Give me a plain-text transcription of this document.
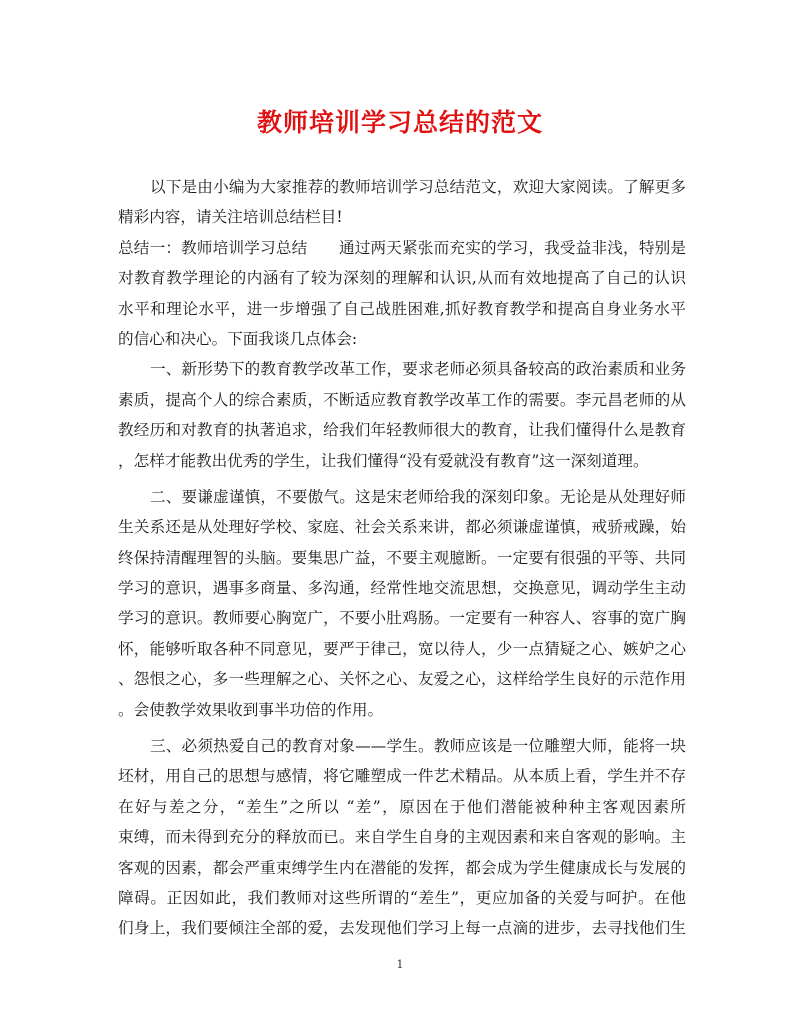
教师培训学习总结的范文
以下是由小编为大家推荐的教师培训学习总结范文，欢迎大家阅读。了解更多
精彩内容，请关注培训总结栏目!
总结一：教师培训学习总结　　通过两天紧张而充实的学习，我受益非浅，特别是
对教育教学理论的内涵有了较为深刻的理解和认识,从而有效地提高了自己的认识
水平和理论水平，进一步增强了自己战胜困难,抓好教育教学和提高自身业务水平
的信心和决心。下面我谈几点体会:
一、新形势下的教育教学改革工作，要求老师必须具备较高的政治素质和业务
素质，提高个人的综合素质，不断适应教育教学改革工作的需要。李元昌老师的从
教经历和对教育的执著追求，给我们年轻教师很大的教育，让我们懂得什么是教育
，怎样才能教出优秀的学生，让我们懂得“没有爱就没有教育”这一深刻道理。
二、要谦虚谨慎，不要傲气。这是宋老师给我的深刻印象。无论是从处理好师
生关系还是从处理好学校、家庭、社会关系来讲，都必须谦虚谨慎，戒骄戒躁，始
终保持清醒理智的头脑。要集思广益，不要主观臆断。一定要有很强的平等、共同
学习的意识，遇事多商量、多沟通，经常性地交流思想，交换意见，调动学生主动
学习的意识。教师要心胸宽广，不要小肚鸡肠。一定要有一种容人、容事的宽广胸
怀，能够听取各种不同意见，要严于律己，宽以待人，少一点猜疑之心、嫉妒之心
、怨恨之心，多一些理解之心、关怀之心、友爱之心，这样给学生良好的示范作用
。会使教学效果收到事半功倍的作用。
三、必须热爱自己的教育对象——学生。教师应该是一位雕塑大师，能将一块
坯材，用自己的思想与感情，将它雕塑成一件艺术精品。从本质上看，学生并不存
在好与差之分，“差生”之所以 “差”，原因在于他们潜能被种种主客观因素所
束缚，而未得到充分的释放而已。来自学生自身的主观因素和来自客观的影响。主
客观的因素，都会严重束缚学生内在潜能的发挥，都会成为学生健康成长与发展的
障碍。正因如此，我们教师对这些所谓的“差生”，更应加备的关爱与呵护。在他
们身上，我们要倾注全部的爱，去发现他们学习上每一点滴的进步，去寻找他们生
1
